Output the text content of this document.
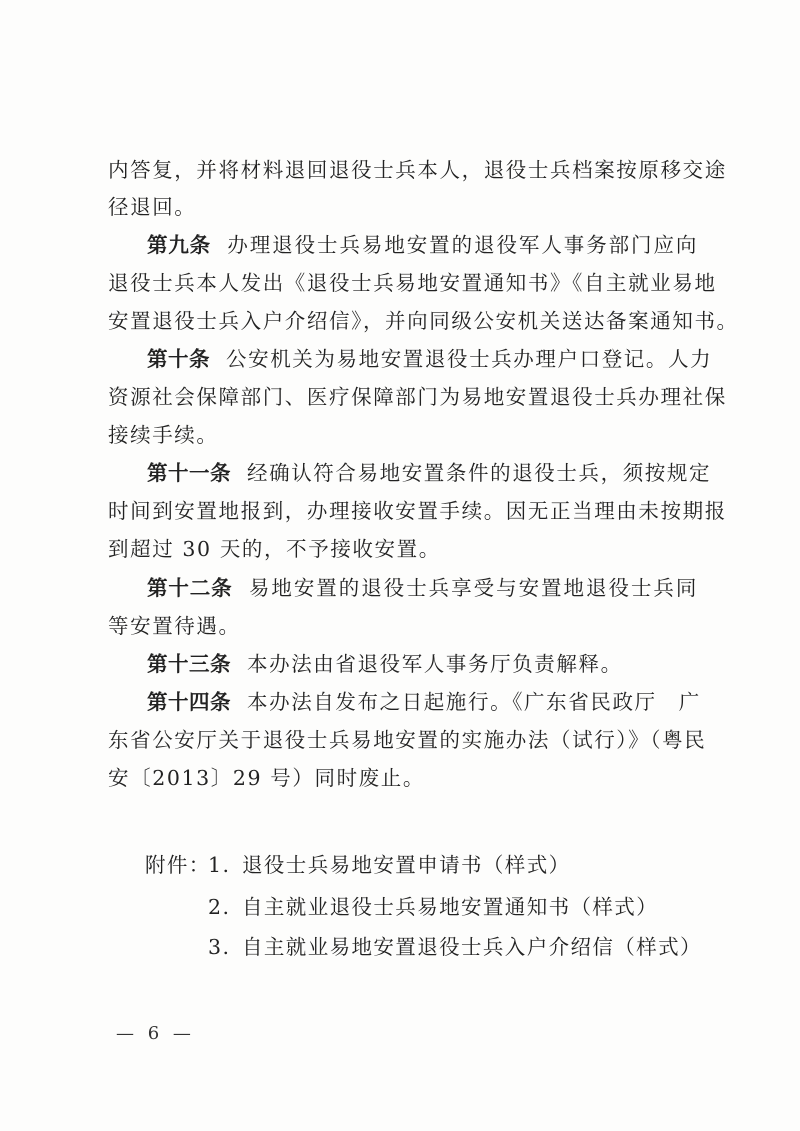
内答复，并将材料退回退役士兵本人，退役士兵档案按原移交途
径退回。
第九条 办理退役士兵易地安置的退役军人事务部门应向
退役士兵本人发出《退役士兵易地安置通知书》《自主就业易地
安置退役士兵入户介绍信》，并向同级公安机关送达备案通知书。
第十条 公安机关为易地安置退役士兵办理户口登记。人力
资源社会保障部门、医疗保障部门为易地安置退役士兵办理社保
接续手续。
第十一条 经确认符合易地安置条件的退役士兵，须按规定
时间到安置地报到，办理接收安置手续。因无正当理由未按期报
到超过 30 天的，不予接收安置。
第十二条 易地安置的退役士兵享受与安置地退役士兵同
等安置待遇。
第十三条 本办法由省退役军人事务厅负责解释。
第十四条 本办法自发布之日起施行。《广东省民政厅　广
东省公安厅关于退役士兵易地安置的实施办法（试行）》（粤民
安〔2013〕29 号）同时废止。
附件：
1. 退役士兵易地安置申请书（样式）
2. 自主就业退役士兵易地安置通知书（样式）
3. 自主就业易地安置退役士兵入户介绍信（样式）
— 6 —
